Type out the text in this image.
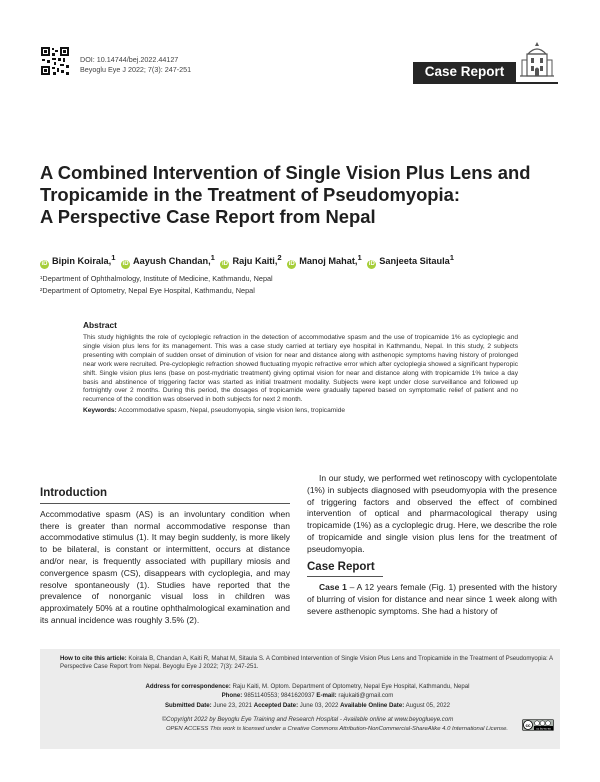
DOI: 10.14744/bej.2022.44127
Beyoglu Eye J 2022; 7(3): 247-251	Case Report
A Combined Intervention of Single Vision Plus Lens and
Tropicamide in the Treatment of Pseudomyopia:
A Perspective Case Report from Nepal
iD Bipin Koirala,$^1$ iD Aayush Chandan,$^1$ iD Raju Kaiti,$^2$ iD Manoj Mahat,$^1$ iD Sanjeeta Sitaula$^1$
¹Department of Ophthalmology, Institute of Medicine, Kathmandu, Nepal
²Department of Optometry, Nepal Eye Hospital, Kathmandu, Nepal
Abstract

This study highlights the role of cycloplegic refraction in the detection of accommodative spasm and the use of tropicamide 1% as cycloplegic and single vision plus lens for its management. This was a case study carried at tertiary eye hospital in Kathmandu, Nepal. In this study, 2 subjects presenting with complain of sudden onset of diminution of vision for near and distance along with asthenopic symptoms having history of prolonged near work were recruited. Pre-cycloplegic refraction showed fluctuating myopic refractive error which after cycloplegia showed a significant hyperopic shift. Single vision plus lens (base on post-mydriatic treatment) giving optimal vision for near and distance along with tropicamide 1% twice a day basis and abstinence of triggering factor was started as initial treatment modality. Subjects were kept under close surveillance and followed up fortnightly over 2 months. During this period, the dosages of tropicamide were gradually tapered based on symptomatic relief of patient and no recurrence of the condition was observed in both subjects for next 2 month.

Keywords: Accommodative spasm, Nepal, pseudomyopia, single vision lens, tropicamide

Introduction

Accommodative spasm (AS) is an involuntary condition when there is greater than normal accommodative response than accommodative stimulus (1). It may begin suddenly, is more likely to be bilateral, is constant or intermittent, occurs at distance and/or near, is frequently associated with pupillary miosis and convergence spasm (CS), disappears with cycloplegia, and may resolve spontaneously (1). Studies have reported that the prevalence of nonorganic visual loss in children was approximately 50% at a routine ophthalmological examination and its annual incidence was roughly 3.5% (2).

In our study, we performed wet retinoscopy with cyclopentolate (1%) in subjects diagnosed with pseudomyopia with the presence of triggering factors and observed the effect of combined intervention of optical and pharmacological therapy using tropicamide (1%) as a cycloplegic drug. Here, we describe the role of tropicamide and single vision plus lens for the treatment of pseudomyopia.

Case Report

Case 1 – A 12 years female (Fig. 1) presented with the history of blurring of vision for distance and near since 1 week along with severe asthenopic symptoms. She had a history of

How to cite this article: Koirala B, Chandan A, Kaiti R, Mahat M, Sitaula S. A Combined Intervention of Single Vision Plus Lens and Tropicamide in the Treatment of Pseudomyopia: A Perspective Case Report from Nepal. Beyoglu Eye J 2022; 7(3): 247-251.

Address for correspondence: Raju Kaiti, M. Optom. Department of Optometry, Nepal Eye Hospital, Kathmandu, Nepal
Phone: 9851140553; 9841620937 E-mail: rajukaiti@gmail.com
Submitted Date: June 23, 2021 Accepted Date: June 03, 2022 Available Online Date: August 05, 2022
©Copyright 2022 by Beyoglu Eye Training and Research Hospital - Available online at www.beyoglueye.com
OPEN ACCESS This work is licensed under a Creative Commons Attribution-NonCommercial-ShareAlike 4.0 International License.
cc
cc by-nc-sa
